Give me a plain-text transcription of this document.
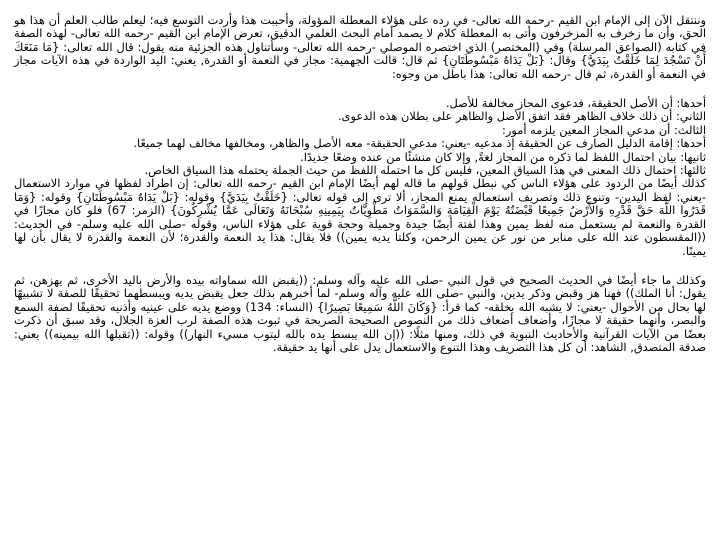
وننتقل الآن إلى الإمام ابن القيم -رحمه الله تعالى- في رده على هؤلاء المعطلة المؤولة، وأحببت هذا وأردت التوسع فيه؛ ليعلم طالب العلم أن هذا هو الحق، وأن ما زخرف به المزخرفون وأتى به المعطلة كلام لا يصمد أمام البحث العلمي الدقيق، تعرض الإمام ابن القيم -رحمه الله تعالى- لهذه الصفة في كتابه (الصواعق المرسلة) وفي (المختصر) الذي اختصره الموصلي -رحمه الله تعالى- وسأتناول هذه الجزئية منه يقول: قال الله تعالى: {مَا مَنَعَكَ أَنْ تَسْجُدَ لِمَا خَلَقْتُ بِيَدَيَّ} وقال: {بَلْ يَدَاهُ مَبْسُوطَتَانِ} ثم قال: قالت الجهمية: مجاز في النعمة أو القدرة, يعني: اليد الواردة في هذه الآيات مجاز في النعمة أو القدرة، ثم قال -رحمه الله تعالى: هذا باطل من وجوه:

أحدها: أن الأصل الحقيقة، فدعوى المجاز مخالفة للأصل.

الثاني: أن ذلك خلاف الظاهر فقد اتفق الأصل والظاهر على بطلان هذه الدعوى.

الثالث: أن مدعي المجاز المعين يلزمه أمور:

أحدها: إقامة الدليل الصارف عن الحقيقة إذ مدعيه -يعني: مدعي الحقيقة- معه الأصل والظاهر، ومخالفها مخالف لهما جميعًا.

ثانيها: بيان احتمال اللفظ لما ذكره من المجاز لغةً, وإلا كان منشئًا من عنده وضعًا جديدًا.

ثالثها: احتمال ذلك المعنى في هذا السياق المعين، فليس كل ما احتمله اللفظ من حيث الجملة يحتمله هذا السياق الخاص.

كذلك أيضًا من الردود على هؤلاء الناس كي نبطل قولهم ما قاله لهم أيضًا الإمام ابن القيم -رحمه الله تعالى: إن اطراد لفظها في موارد الاستعمال -يعني: لفظ اليدين- وتنوع ذلك وتصريف استعماله يمنع المجاز، ألا ترى إلى قوله تعالى: {خَلَقْتُ بِيَدَيَّ} وقوله: {بَلْ يَدَاهُ مَبْسُوطَتَانِ} وقوله: {وَمَا قَدَرُوا اللَّهَ حَقَّ قَدْرِهِ وَالأَرْضُ جَمِيعًا قَبْضَتُهُ يَوْمَ الْقِيَامَةِ وَالسَّمَوَاتُ مَطْوِيَّاتٌ بِيَمِينِهِ سُبْحَانَهُ وَتَعَالَى عَمَّا يُشْرِكُونَ} (الزمر: 67) فلو كان مجازًا في القدرة والنعمة لم يستعمل منه لفظ يمين وهذا لفتة أيضًا جيدة وجميلة وحجة قوية على هؤلاء الناس، وقوله -صلى الله عليه وسلم- في الحديث: ((المقسطون عند الله على منابر من نور عن يمين الرحمن، وكلتا يديه يمين)) فلا يقال: هذا يد النعمة والقدرة؛ لأن النعمة والقدرة لا يقال بأن لها يمينًا.

وكذلك ما جاء أيضًا في الحديث الصحيح في قول النبي -صلى الله عليه وآله وسلم: ((يقبض الله سماواته بيده والأرض باليد الأخرى، ثم يهزهن، ثم يقول: أنا الملك)) فهنا هز وقبض وذكر يدين، والنبي -صلى الله عليه وآله وسلم- لما أخبرهم بذلك جعل يقبض يديه ويبسطهما تحقيقًا للصفة لا تشبيهًا لها بحال من الأحوال -يعني: لا يشبه الله بخلقه- كما قرأ: {وَكَانَ اللَّهُ سَمِيعًا بَصِيرًا} (النساء: 134) ووضع يديه على عينيه وأذنيه تحقيقًا لصفة السمع والبصر، وأنهما حقيقة لا مجازًا، وأضعاف أضعاف ذلك من النصوص الصحيحة الصريحة في ثبوت هذه الصفة لرب العزة الجلال، وقد سبق أن ذكرت بعضًا من الآيات القرآنية والأحاديث النبوية في ذلك، ومنها مثلًا: ((إن الله يبسط يده بالله ليتوب مسيء النهار)) وقوله: ((تقبلها الله بيمينه)) يعني: صدقة المتصدق, الشاهد: أن كل هذا التصريف وهذا التنوع والاستعمال يدل على أنها يد حقيقة.
